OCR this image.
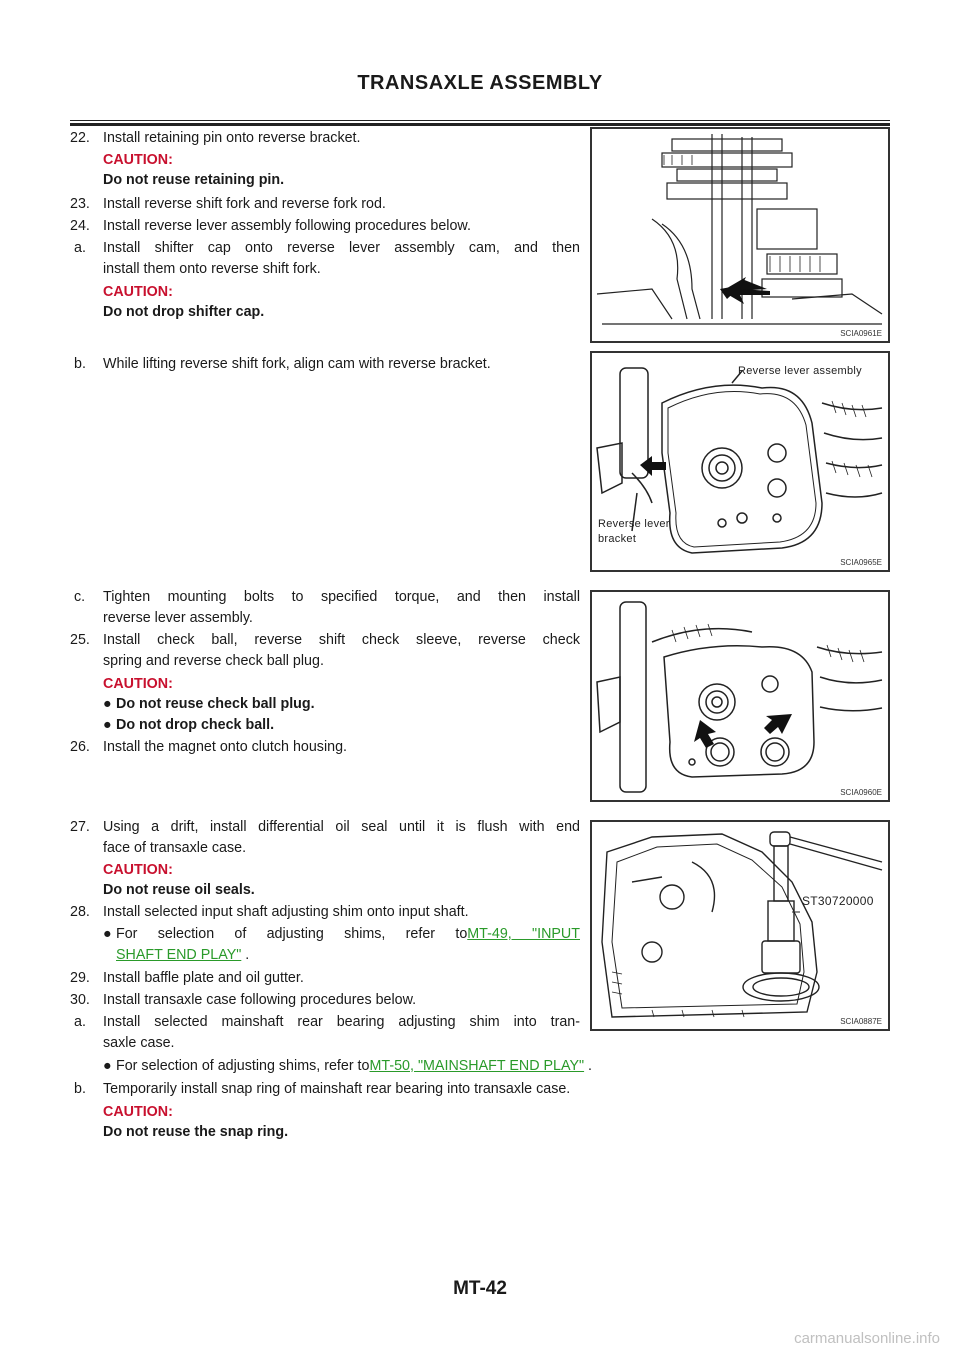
TRANSAXLE ASSEMBLY
22. Install retaining pin onto reverse bracket.
CAUTION:
Do not reuse retaining pin.
23. Install reverse shift fork and reverse fork rod.
24. Install reverse lever assembly following procedures below.
a. Install shifter cap onto reverse lever assembly cam, and then
install them onto reverse shift fork.
CAUTION:
Do not drop shifter cap.
b. While lifting reverse shift fork, align cam with reverse bracket.
c. Tighten mounting bolts to specified torque, and then install
reverse lever assembly.
25. Install check ball, reverse shift check sleeve, reverse check
spring and reverse check ball plug.
CAUTION:
● Do not reuse check ball plug.
● Do not drop check ball.
26. Install the magnet onto clutch housing.
27. Using a drift, install differential oil seal until it is flush with end
face of transaxle case.
CAUTION:
Do not reuse oil seals.
28. Install selected input shaft adjusting shim onto input shaft.
● For selection of adjusting shims, refer toMT-49, "INPUT
SHAFT END PLAY" .
29. Install baffle plate and oil gutter.
30. Install transaxle case following procedures below.
a. Install selected mainshaft rear bearing adjusting shim into tran-
saxle case.
● For selection of adjusting shims, refer toMT-50, "MAINSHAFT END PLAY" .
b. Temporarily install snap ring of mainshaft rear bearing into transaxle case.
CAUTION:
Do not reuse the snap ring.
SCIA0961E
Reverse lever assembly
Reverse lever
bracket
SCIA0965E
SCIA0960E
ST30720000
SCIA0887E
MT-42
carmanualsonline.info
